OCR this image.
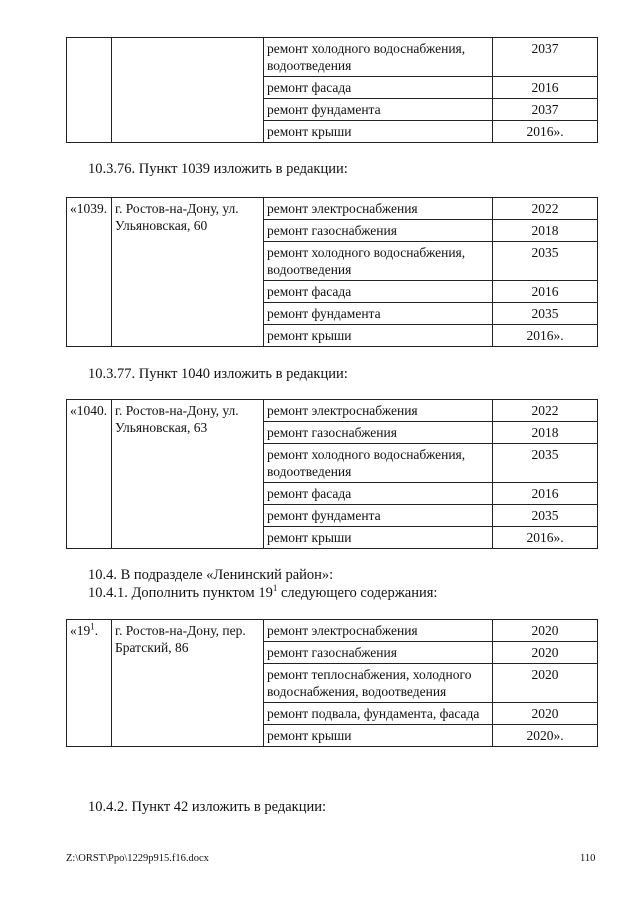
		ремонт холодного водоснабжения, водоотведения	2037
		ремонт фасада	2016
		ремонт фундамента	2037
		ремонт крыши	2016».
10.3.76. Пункт 1039 изложить в редакции:
«1039.	г. Ростов-на-Дону, ул. Ульяновская, 60	ремонт электроснабжения	2022
		ремонт газоснабжения	2018
		ремонт холодного водоснабжения, водоотведения	2035
		ремонт фасада	2016
		ремонт фундамента	2035
		ремонт крыши	2016».
10.3.77. Пункт 1040 изложить в редакции:
«1040.	г. Ростов-на-Дону, ул. Ульяновская, 63	ремонт электроснабжения	2022
		ремонт газоснабжения	2018
		ремонт холодного водоснабжения, водоотведения	2035
		ремонт фасада	2016
		ремонт фундамента	2035
		ремонт крыши	2016».
10.4. В подразделе «Ленинский район»:
10.4.1. Дополнить пунктом $19^1$ следующего содержания:
«$19^1$.	г. Ростов-на-Дону, пер. Братский, 86	ремонт электроснабжения	2020
		ремонт газоснабжения	2020
		ремонт теплоснабжения, холодного водоснабжения, водоотведения	2020
		ремонт подвала, фундамента, фасада	2020
		ремонт крыши	2020».
10.4.2. Пункт 42 изложить в редакции:
Z:\ORST\Ppo\1229p915.f16.docx	110
